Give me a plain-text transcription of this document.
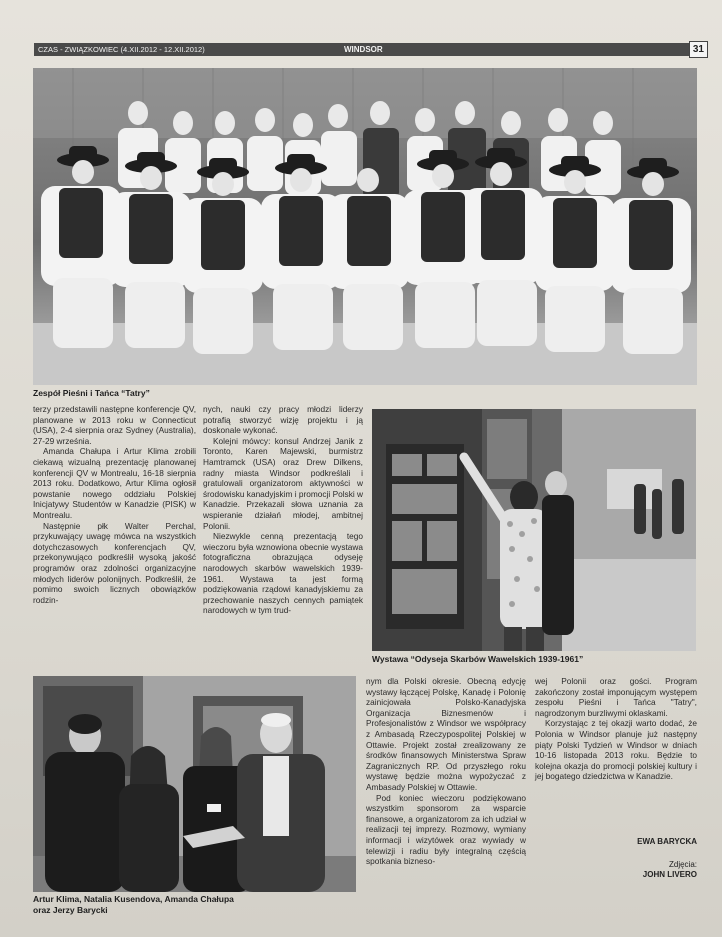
CZAS - ZWIĄZKOWIEC (4.XII.2012 - 12.XII.2012)	WINDSOR	31
Zespół Pieśni i Tańca “Tatry”

terzy przedstawili następne konferencje QV, planowane w 2013 roku w Connecticut (USA), 2-4 sierpnia oraz Sydney (Australia), 27-29 września.

Amanda Chałupa i Artur Klima zrobili ciekawą wizualną prezentację planowanej konferencji QV w Montrealu, 16-18 sierpnia 2013 roku. Dodatkowo, Artur Klima ogłosił powstanie nowego oddziału Polskiej Inicjatywy Studentów w Kanadzie (PISK) w Montrealu.

Następnie płk Walter Perchal, przykuwający uwagę mówca na wszystkich dotychczasowych konferencjach QV, przekonywująco podkreślił wysoką jakość programów oraz zdolności organizacyjne młodych liderów polonijnych. Podkreślił, że pomimo swoich licznych obowiązków rodzin-

nych, nauki czy pracy młodzi liderzy potrafią stworzyć wizję projektu i ją doskonale wykonać.

Kolejni mówcy: konsul Andrzej Janik z Toronto, Karen Majewski, burmistrz Hamtramck (USA) oraz Drew Dilkens, radny miasta Windsor podkreślali i gratulowali organizatorom aktywności w środowisku kanadyjskim i promocji Polski w Kanadzie. Przekazali słowa uznania za wspieranie działań młodej, ambitnej Polonii.

Niezwykle cenną prezentacją tego wieczoru była wznowiona obecnie wystawa fotograficzna obrazująca odyseję narodowych skarbów wawelskich 1939-1961. Wystawa ta jest formą podziękowania rządowi kanadyjskiemu za przechowanie naszych cennych pamiątek narodowych w tym trud-

Wystawa “Odyseja Skarbów Wawelskich 1939-1961”
Artur Klima, Natalia Kusendova, Amanda Chałupa
oraz Jerzy Barycki

nym dla Polski okresie. Obecną edycję wystawy łączącej Polskę, Kanadę i Polonię zainicjowała Polsko-Kanadyjska Organizacja Biznesmenów i Profesjonalistów z Windsor we współpracy z Ambasadą Rzeczypospolitej Polskiej w Ottawie. Projekt został zrealizowany ze środków finansowych Ministerstwa Spraw Zagranicznych RP. Od przyszłego roku wystawę będzie można wypożyczać z Ambasady Polskiej w Ottawie.

Pod koniec wieczoru podziękowano wszystkim sponsorom za wsparcie finansowe, a organizatorom za ich udział w realizacji tej imprezy. Rozmowy, wymiany informacji i wizytówek oraz wywiady w telewizji i radiu były integralną częścią spotkania bizneso-

wej Polonii oraz gości. Program zakończony został imponującym występem zespołu Pieśni i Tańca "Tatry", nagrodzonym burzliwymi oklaskami.

Korzystając z tej okazji warto dodać, że Polonia w Windsor planuje już następny piąty Polski Tydzień w Windsor w dniach 10-16 listopada 2013 roku. Będzie to kolejna okazja do promocji polskiej kultury i jej bogatego dziedzictwa w Kanadzie.

EWA BARYCKA
Zdjęcia:
JOHN LIVERO
